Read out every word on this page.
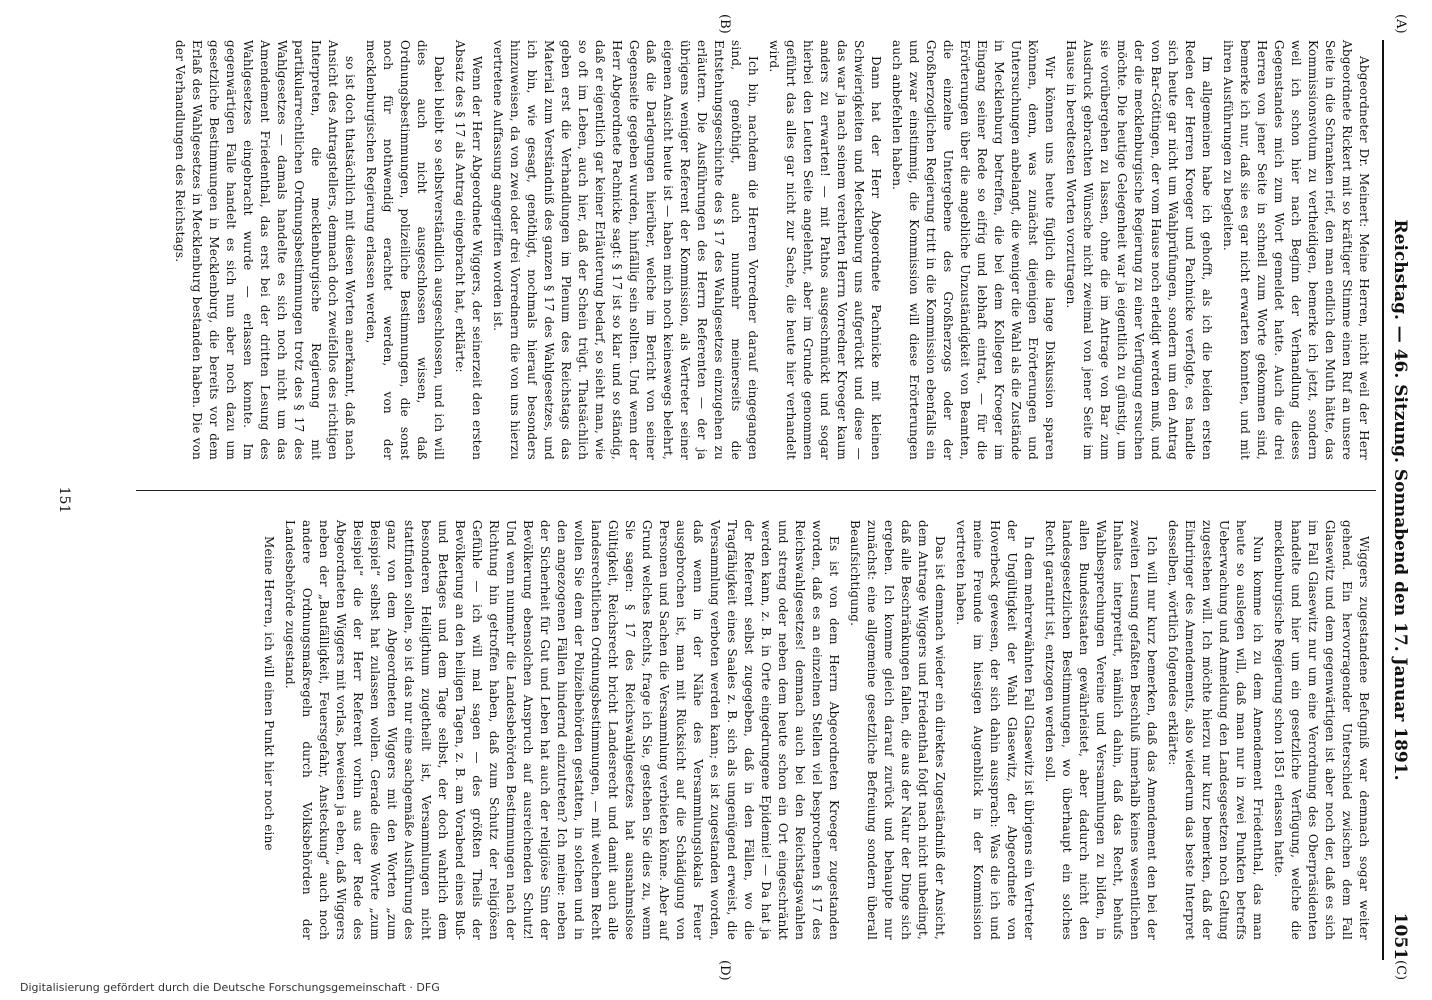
Reichstag. — 46. Sitzung. Sonnabend den 17. Januar 1891.
1051
(A)
(B)
(C)
(D)

Abgeordneter Dr. Meinert: Meine Herren, nicht weil der Herr Abgeordnete Rickert mit so kräftiger Stimme einen Ruf an unsere Seite in die Schranken rief, den man endlich den Muth hätte, das Kommissionsvotum zu vertheidigen, bemerke ich jetzt, sondern weil ich schon hier nach Beginn der Verhandlung dieses Gegenstandes mich zum Wort gemeldet hatte. Auch die drei Herren von jener Seite in schnell zum Worte gekommen sind, bemerke ich nur, daß sie es gar nicht erwarten konnten, und mit ihren Ausführungen zu begleiten.

Im allgemeinen habe ich gehofft, als ich die beiden ersten Reden der Herren Kroeger und Pachnicke verfolgte, es handle sich heute gar nicht um Wahlprüfungen, sondern um den Antrag von Bar-Göttingen, der vom Hause noch erledigt werden muß, und der die mecklenburgische Regierung zu einer Verfügung ersuchen möchte. Die heutige Gelegenheit war ja eigentlich zu günstig, um sie vorübergehen zu lassen, ohne die im Antrage von Bar zum Ausdruck gebrachten Wünsche nicht zweimal von jener Seite im Hause in beredtesten Worten vorzutragen.

Wir können uns heute füglich die lange Diskussion sparen können, denn, was zunächst diejenigen Erörterungen und Untersuchungen anbelangt, die weniger die Wahl als die Zustände in Mecklenburg betreffen, die bei dem Kollegen Kroeger im Eingang seiner Rede so eifrig und lebhaft eintrat, — für die Erörterungen über die angebliche Unzuständigkeit von Beamten, die einzelne Untergebene des Großherzogs oder der Großherzoglichen Regierung tritt in die Kommission ebenfalls ein und zwar einstimmig, die Kommission will diese Erörterungen auch anbefehlen haben.

Dann hat der Herr Abgeordnete Pachnicke mit kleinen Schwierigkeiten und Mecklenburg uns aufgerückt und diese — das war ja nach seinem verehrten Herrn Vorredner Kroeger kaum anders zu erwarten! — mit Pathos ausgeschmückt und sogar hierbei den Leuten Seite angelehnt, aber im Grunde genommen geführt das alles gar nicht zur Sache, die heute hier verhandelt wird.

Ich bin, nachdem die Herren Vorredner darauf eingegangen sind, genöthigt, auch nunmehr meinerseits die Entstehungsgeschichte des § 17 des Wahlgesetzes einzugehen zu erläutern. Die Ausführungen des Herrn Referenten — der ja übrigens weniger Referent der Kommission, als Vertreter seiner eigenen Ansicht heute ist — haben mich noch keineswegs belehrt, daß die Darlegungen hierüber, welche im Bericht von seiner Gegenseite gegeben wurden, hinfällig sein sollten. Und wenn der Herr Abgeordnete Pachnicke sagt: § 17 ist so klar und so ständig, daß er eigentlich gar keiner Erläuterung bedarf, so sieht man, wie so oft im Leben, auch hier, daß der Schein trügt. Thatsächlich geben erst die Verhandlungen im Plenum des Reichstags das Material zum Verständniß des ganzen § 17 des Wahlgesetzes, und ich bin, wie gesagt, genöthigt, nochmals hierauf besonders hinzuweisen, da von zwei oder drei Vorrednern die von uns hierzu vertretene Auffassung angegriffen worden ist.

Wenn der Herr Abgeordnete Wiggers, der seinerzeit den ersten Absatz des § 17 als Antrag eingebracht hat, erklärte:

Dabei bleibt so selbstverständlich ausgeschlossen, und ich will dies auch nicht ausgeschlossen wissen, daß Ordnungsbestimmungen, polizeiliche Bestimmungen, die sonst noch für nothwendig erachtet werden, von der mecklenburgischen Regierung erlassen werden,

so ist doch thatsächlich mit diesen Worten anerkannt, daß nach Ansicht des Antragstellers, demnach doch zweifellos des richtigen Interpreten, die mecklenburgische Regierung mit partikularrechtlichen Ordnungsbestimmungen trotz des § 17 des Wahlgesetzes — damals handelte es sich noch nicht um das Amendement Friedenthal, das erst bei der dritten Lesung des Wahlgesetzes eingebracht wurde — erlassen konnte. Im gegenwärtigen Falle handelt es sich nun aber noch dazu um gesetzliche Bestimmungen in Mecklenburg, die bereits vor dem Erlaß des Wahlgesetzes in Mecklenburg bestanden haben. Die von der Verhandlungen des Reichstags.

Wiggers zugestandene Befugniß war demnach sogar weiter gehend. Ein hervorragender Unterschied zwischen dem Fall Glasewitz und dem gegenwärtigen ist aber noch der, daß es sich im Fall Glasewitz nur um eine Verordnung des Oberpräsidenten handelte und hier um ein gesetzliche Verfügung, welche die mecklenburgische Regierung schon 1851 erlassen hatte.

Nun komme ich zu dem Amendement Friedenthal, das man heute so auslegen will, daß man nur in zwei Punkten betreffs Ueberwachung und Anmeldung den Landesgesetzen noch Geltung zugestehen will. Ich möchte hierzu nur kurz bemerken, daß der Eindringer des Amendements, also wiederum das beste Interpret desselben, wörtlich folgendes erklärte:

Ich will nur kurz bemerken, daß das Amendement den bei der zweiten Lesung gefaßten Beschluß innerhalb keines wesentlichen Inhaltes interpretirt, nämlich dahin, daß das Recht, behufs Wahlbesprechungen Vereine und Versammlungen zu bilden, in allen Bundesstaaten gewährleistet, aber dadurch nicht den landesgesetzlichen Bestimmungen, wo überhaupt ein solches Recht garantirt ist, entzogen werden soll.

In dem mehrerwähnten Fall Glasewitz ist übrigens ein Vertreter der Ungültigkeit der Wahl Glasewitz, der Abgeordnete von Hoverbeck gewesen, der sich dahin aussprach: Was die ich und meine Freunde im hiesigen Augenblick in der Kommission vertreten haben.

Das ist demnach wieder ein direktes Zugeständniß der Ansicht, dem Antrage Wiggers und Friedenthal folgt nach nicht unbedingt, daß alle Beschränkungen fallen, die aus der Natur der Dinge sich ergeben. Ich komme gleich darauf zurück und behaupte nur zunächst: eine allgemeine gesetzliche Befreiung sondern überall Beaufsichtigung.

Es ist von dem Herrn Abgeordneten Kroeger zugestanden worden, daß es an einzelnen Stellen viel besprochenen § 17 des Reichswahlgesetzes! demnach auch bei den Reichstagswahlen und streng oder neben dem heute schon ein Ort eingeschränkt werden kann, z. B. in Orte eingedrungene Epidemie! — Da hat ja der Referent selbst zugegeben, daß in den Fällen, wo die Tragfähigkeit eines Saales z. B. sich als ungenügend erweist, die Versammlung verboten werden kann; es ist zugestanden worden, daß wenn in der Nähe des Versammlungslokals Feuer ausgebrochen ist, man mit Rücksicht auf die Schädigung von Personen und Sachen die Versammlung verbieten könne. Aber auf Grund welches Rechts, frage ich Sie, gestehen Sie dies zu, wenn Sie sagen: § 17 des Reichswahlgesetzes hat ausnahmslose Gültigkeit, Reichsrecht bricht Landesrecht und damit auch alle landesrechtlichen Ordnungsbestimmungen, — mit welchem Recht wollen Sie dem der Polizeibehörden gestatten, in solchen und in den angezogenen Fällen hindernd einzutreten? Ich meine: neben der Sicherheit für Gut und Leben hat auch der religiöse Sinn der Bevölkerung ebensolchen Anspruch auf ausreichenden Schutz! Und wenn nunmehr die Landesbehörden Bestimmungen nach der Richtung hin getroffen haben, daß zum Schutz der religiösen Gefühle — ich will mal sagen — des größten Theils der Bevölkerung an den heiligen Tagen, z. B. am Vorabend eines Buß- und Bettages und dem Tage selbst, der doch wahrlich dem besonderen Heiligthum zugetheilt ist, Versammlungen nicht stattfinden sollen, so ist das nur eine sachgemäße Ausführung des ganz von dem Abgeordneten Wiggers mit den Worten „zum Beispiel“ selbst hat zulassen wollen. Gerade diese Worte „zum Beispiel“ die der Herr Referent vorhin aus der Rede des Abgeordneten Wiggers mit vorlas, beweisen ja eben, daß Wiggers neben der „Baufälligkeit, Feuersgefahr, Ansteckung“ auch noch andere Ordnungsmaßregeln durch Volksbehörden der Landesbehörde zugestand.

Meine Herren, ich will einen Punkt hier noch eine

151
Digitalisierung gefördert durch die Deutsche Forschungsgemeinschaft · DFG
